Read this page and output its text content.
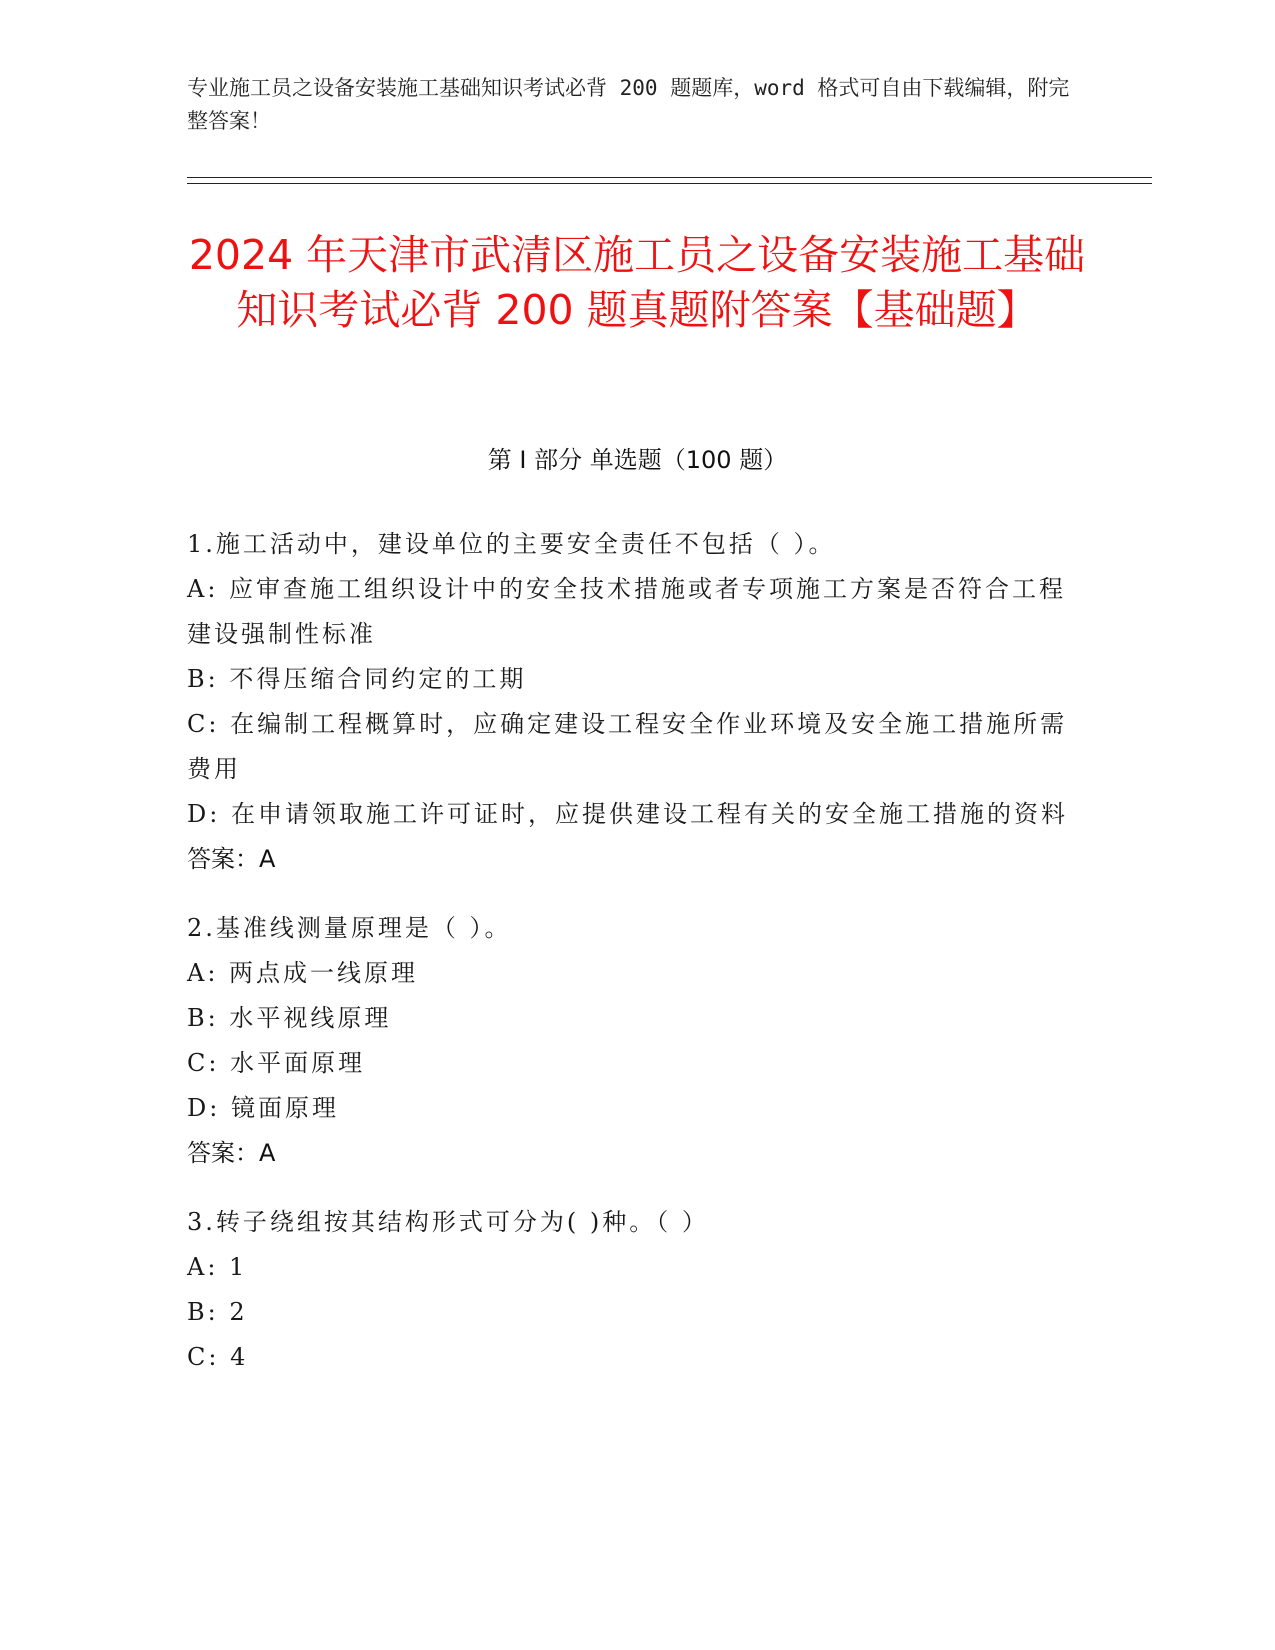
专业施工员之设备安装施工基础知识考试必背 200 题题库，word 格式可自由下载编辑，附完整答案！
2024 年天津市武清区施工员之设备安装施工基础知识考试必背 200 题真题附答案【基础题】
第 I 部分 单选题（100 题）
1.施工活动中，建设单位的主要安全责任不包括（ ）。
A: 应审查施工组织设计中的安全技术措施或者专项施工方案是否符合工程建设强制性标准
B: 不得压缩合同约定的工期
C: 在编制工程概算时，应确定建设工程安全作业环境及安全施工措施所需费用
D: 在申请领取施工许可证时，应提供建设工程有关的安全施工措施的资料
答案：A
2.基准线测量原理是（ ）。
A: 两点成一线原理
B: 水平视线原理
C: 水平面原理
D: 镜面原理
答案：A
3.转子绕组按其结构形式可分为( )种。（ ）
A: 1
B: 2
C: 4
